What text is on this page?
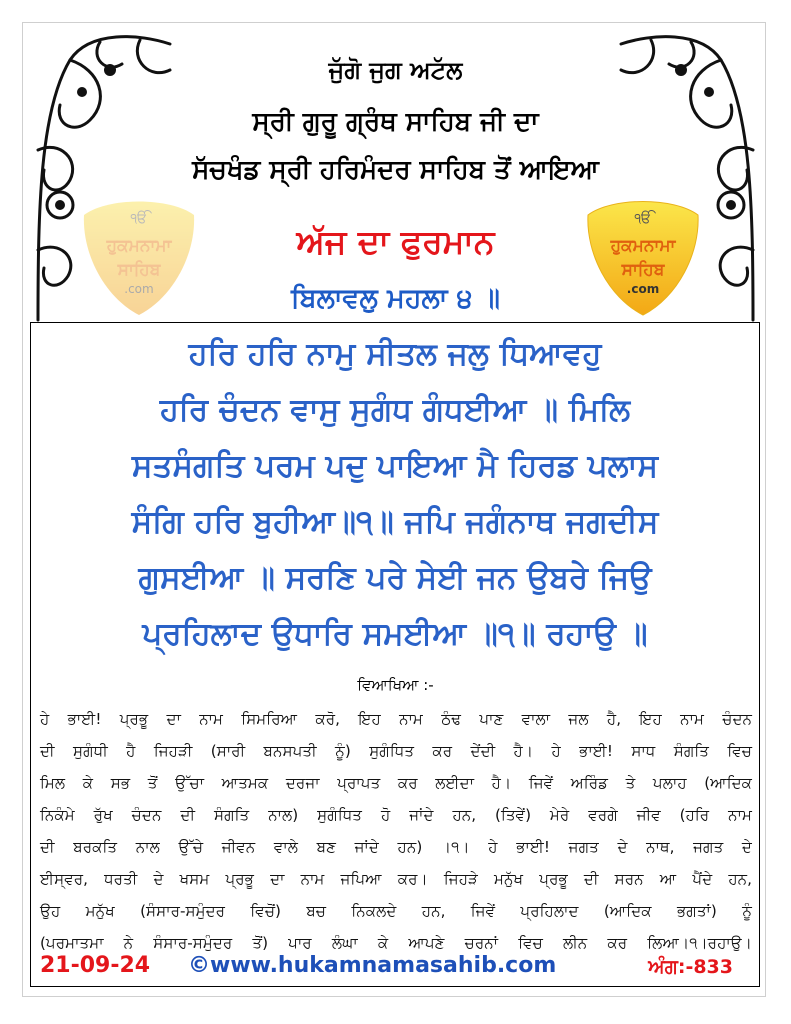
ਜੁੱਗੋ ਜੁਗ ਅਟੱਲ
ਸ੍ਰੀ ਗੁਰੂ ਗ੍ਰੰਥ ਸਾਹਿਬ ਜੀ ਦਾ
ਸੱਚਖੰਡ ਸ੍ਰੀ ਹਰਿਮੰਦਰ ਸਾਹਿਬ ਤੋਂ ਆਇਆ
ੴ
ਹੁਕਮਨਾਮਾ
ਸਾਹਿਬ
.com
ੴ
ਹੁਕਮਨਾਮਾ
ਸਾਹਿਬ
.com
ਅੱਜ ਦਾ ਫੁਰਮਾਨ
ਬਿਲਾਵਲੁ ਮਹਲਾ ੪ ॥
ਹਰਿ ਹਰਿ ਨਾਮੁ ਸੀਤਲ ਜਲੁ ਧਿਆਵਹੁ
ਹਰਿ ਚੰਦਨ ਵਾਸੁ ਸੁਗੰਧ ਗੰਧਈਆ ॥ ਮਿਲਿ
ਸਤਸੰਗਤਿ ਪਰਮ ਪਦੁ ਪਾਇਆ ਮੈ ਹਿਰਡ ਪਲਾਸ
ਸੰਗਿ ਹਰਿ ਬੁਹੀਆ॥੧॥ ਜਪਿ ਜਗੰਨਾਥ ਜਗਦੀਸ
ਗੁਸਈਆ ॥ ਸਰਣਿ ਪਰੇ ਸੇਈ ਜਨ ਉਬਰੇ ਜਿਉ
ਪ੍ਰਹਿਲਾਦ ਉਧਾਰਿ ਸਮਈਆ ॥੧॥ ਰਹਾਉ ॥
ਵਿਆਖਿਆ :-
ਹੇ ਭਾਈ! ਪ੍ਰਭੂ ਦਾ ਨਾਮ ਸਿਮਰਿਆ ਕਰੋ, ਇਹ ਨਾਮ ਠੰਢ ਪਾਣ ਵਾਲਾ ਜਲ ਹੈ, ਇਹ ਨਾਮ ਚੰਦਨ
ਦੀ ਸੁਗੰਧੀ ਹੈ ਜਿਹੜੀ (ਸਾਰੀ ਬਨਸਪਤੀ ਨੂੰ) ਸੁਗੰਧਿਤ ਕਰ ਦੇਂਦੀ ਹੈ। ਹੇ ਭਾਈ! ਸਾਧ ਸੰਗਤਿ ਵਿਚ
ਮਿਲ ਕੇ ਸਭ ਤੋਂ ਉੱਚਾ ਆਤਮਕ ਦਰਜਾ ਪ੍ਰਾਪਤ ਕਰ ਲਈਦਾ ਹੈ। ਜਿਵੇਂ ਅਰਿੰਡ ਤੇ ਪਲਾਹ (ਆਦਿਕ
ਨਿਕੰਮੇ ਰੁੱਖ ਚੰਦਨ ਦੀ ਸੰਗਤਿ ਨਾਲ) ਸੁਗੰਧਿਤ ਹੋ ਜਾਂਦੇ ਹਨ, (ਤਿਵੇਂ) ਮੇਰੇ ਵਰਗੇ ਜੀਵ (ਹਰਿ ਨਾਮ
ਦੀ ਬਰਕਤਿ ਨਾਲ ਉੱਚੇ ਜੀਵਨ ਵਾਲੇ ਬਣ ਜਾਂਦੇ ਹਨ) ।੧। ਹੇ ਭਾਈ! ਜਗਤ ਦੇ ਨਾਥ, ਜਗਤ ਦੇ
ਈਸ੍ਵਰ, ਧਰਤੀ ਦੇ ਖਸਮ ਪ੍ਰਭੂ ਦਾ ਨਾਮ ਜਪਿਆ ਕਰ। ਜਿਹੜੇ ਮਨੁੱਖ ਪ੍ਰਭੂ ਦੀ ਸਰਨ ਆ ਪੈਂਦੇ ਹਨ,
ਉਹ ਮਨੁੱਖ (ਸੰਸਾਰ-ਸਮੁੰਦਰ ਵਿਚੋਂ) ਬਚ ਨਿਕਲਦੇ ਹਨ, ਜਿਵੇਂ ਪ੍ਰਹਿਲਾਦ (ਆਦਿਕ ਭਗਤਾਂ) ਨੂੰ
(ਪਰਮਾਤਮਾ ਨੇ ਸੰਸਾਰ-ਸਮੁੰਦਰ ਤੋਂ) ਪਾਰ ਲੰਘਾ ਕੇ ਆਪਣੇ ਚਰਨਾਂ ਵਿਚ ਲੀਨ ਕਰ ਲਿਆ।੧।ਰਹਾਉ।
21-09-24 ©www.hukamnamasahib.com	ਅੰਗ:-833
